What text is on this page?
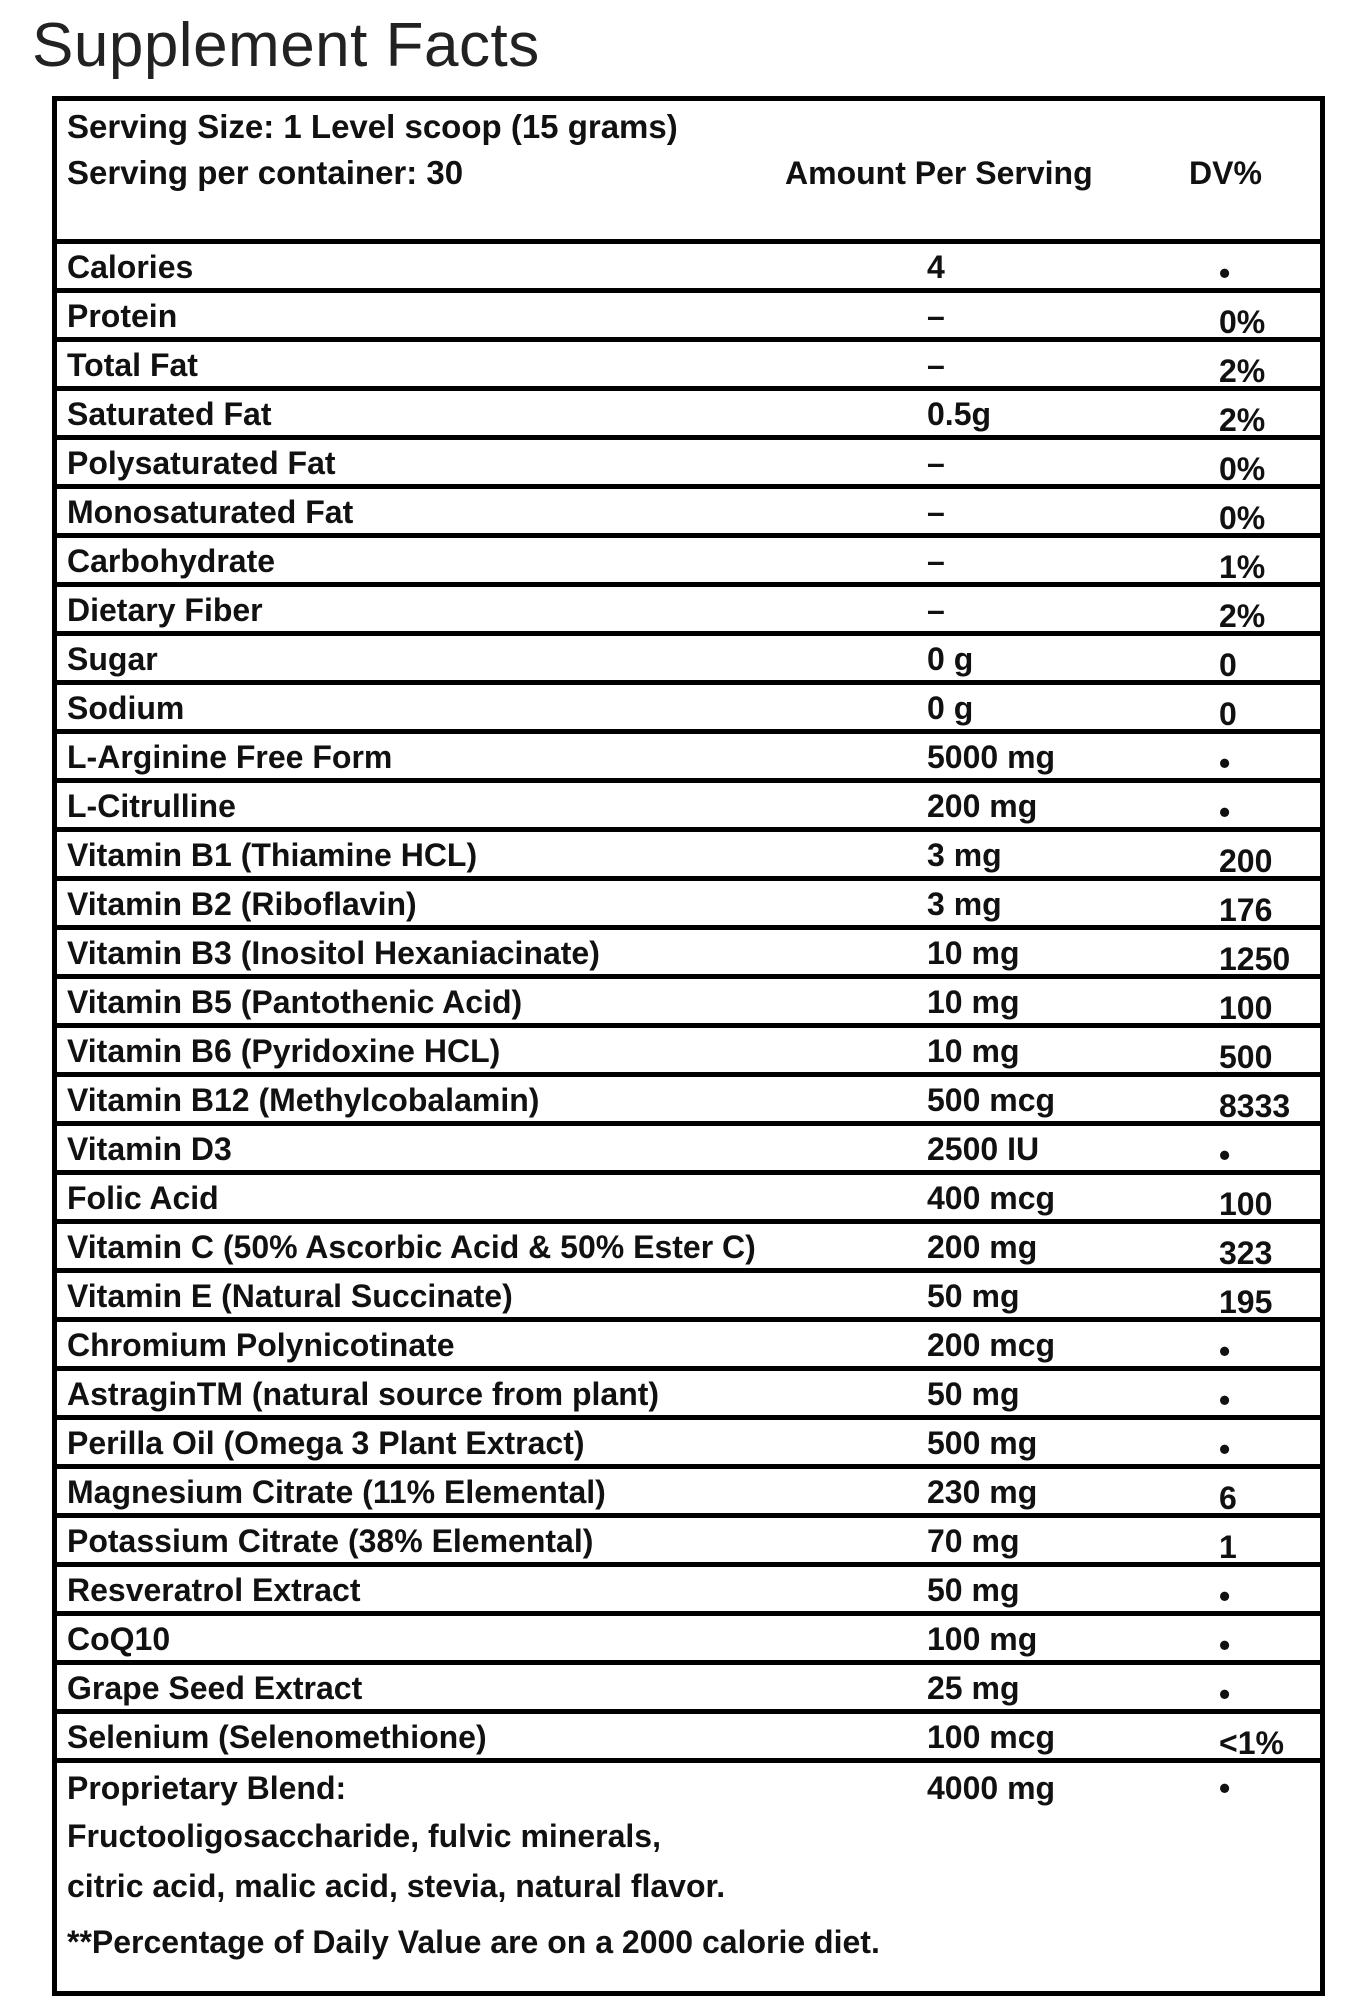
Supplement Facts
Serving Size: 1 Level scoop (15 grams)
Serving per container: 30	Amount Per Serving	DV%
Calories	4	•
Protein	–	0%
Total Fat	–	2%
Saturated Fat	0.5g	2%
Polysaturated Fat	–	0%
Monosaturated Fat	–	0%
Carbohydrate	–	1%
Dietary Fiber	–	2%
Sugar	0 g	0
Sodium	0 g	0
L-Arginine Free Form	5000 mg	•
L-Citrulline	200 mg	•
Vitamin B1 (Thiamine HCL)	3 mg	200
Vitamin B2 (Riboflavin)	3 mg	176
Vitamin B3 (Inositol Hexaniacinate)	10 mg	1250
Vitamin B5 (Pantothenic Acid)	10 mg	100
Vitamin B6 (Pyridoxine HCL)	10 mg	500
Vitamin B12 (Methylcobalamin)	500 mcg	8333
Vitamin D3	2500 IU	•
Folic Acid	400 mcg	100
Vitamin C (50% Ascorbic Acid & 50% Ester C)	200 mg	323
Vitamin E (Natural Succinate)	50 mg	195
Chromium Polynicotinate	200 mcg	•
AstraginTM (natural source from plant)	50 mg	•
Perilla Oil (Omega 3 Plant Extract)	500 mg	•
Magnesium Citrate (11% Elemental)	230 mg	6
Potassium Citrate (38% Elemental)	70 mg	1
Resveratrol Extract	50 mg	•
CoQ10	100 mg	•
Grape Seed Extract	25 mg	•
Selenium (Selenomethione)	100 mcg	<1%
Proprietary Blend:	4000 mg	•
Fructooligosaccharide, fulvic minerals,
citric acid, malic acid, stevia, natural flavor.
**Percentage of Daily Value are on a 2000 calorie diet.
